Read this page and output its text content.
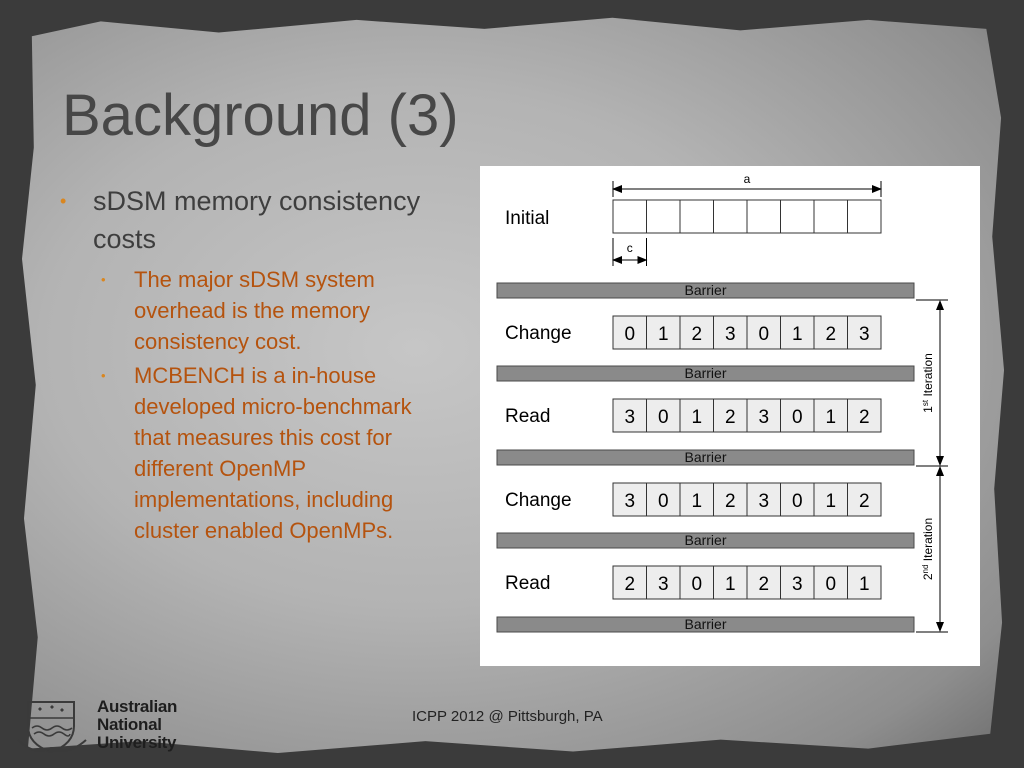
Background (3)
• sDSM memory consistency costs
• The major sDSM system overhead is the memory consistency cost.
• MCBENCH is a in-house developed micro-benchmark that measures this cost for different OpenMP implementations, including cluster enabled OpenMPs.
a
Initial
c
Barrier
Barrier
Barrier
Barrier
Barrier
Change	0 1 2 3 0 1 2 3
Read	3 0 1 2 3 0 1 2
Change	3 0 1 2 3 0 1 2
Read	2 3 0 1 2 3 0 1
1st Iteration
2nd Iteration
ICPP 2012 @ Pittsburgh, PA
Australian
National
University
